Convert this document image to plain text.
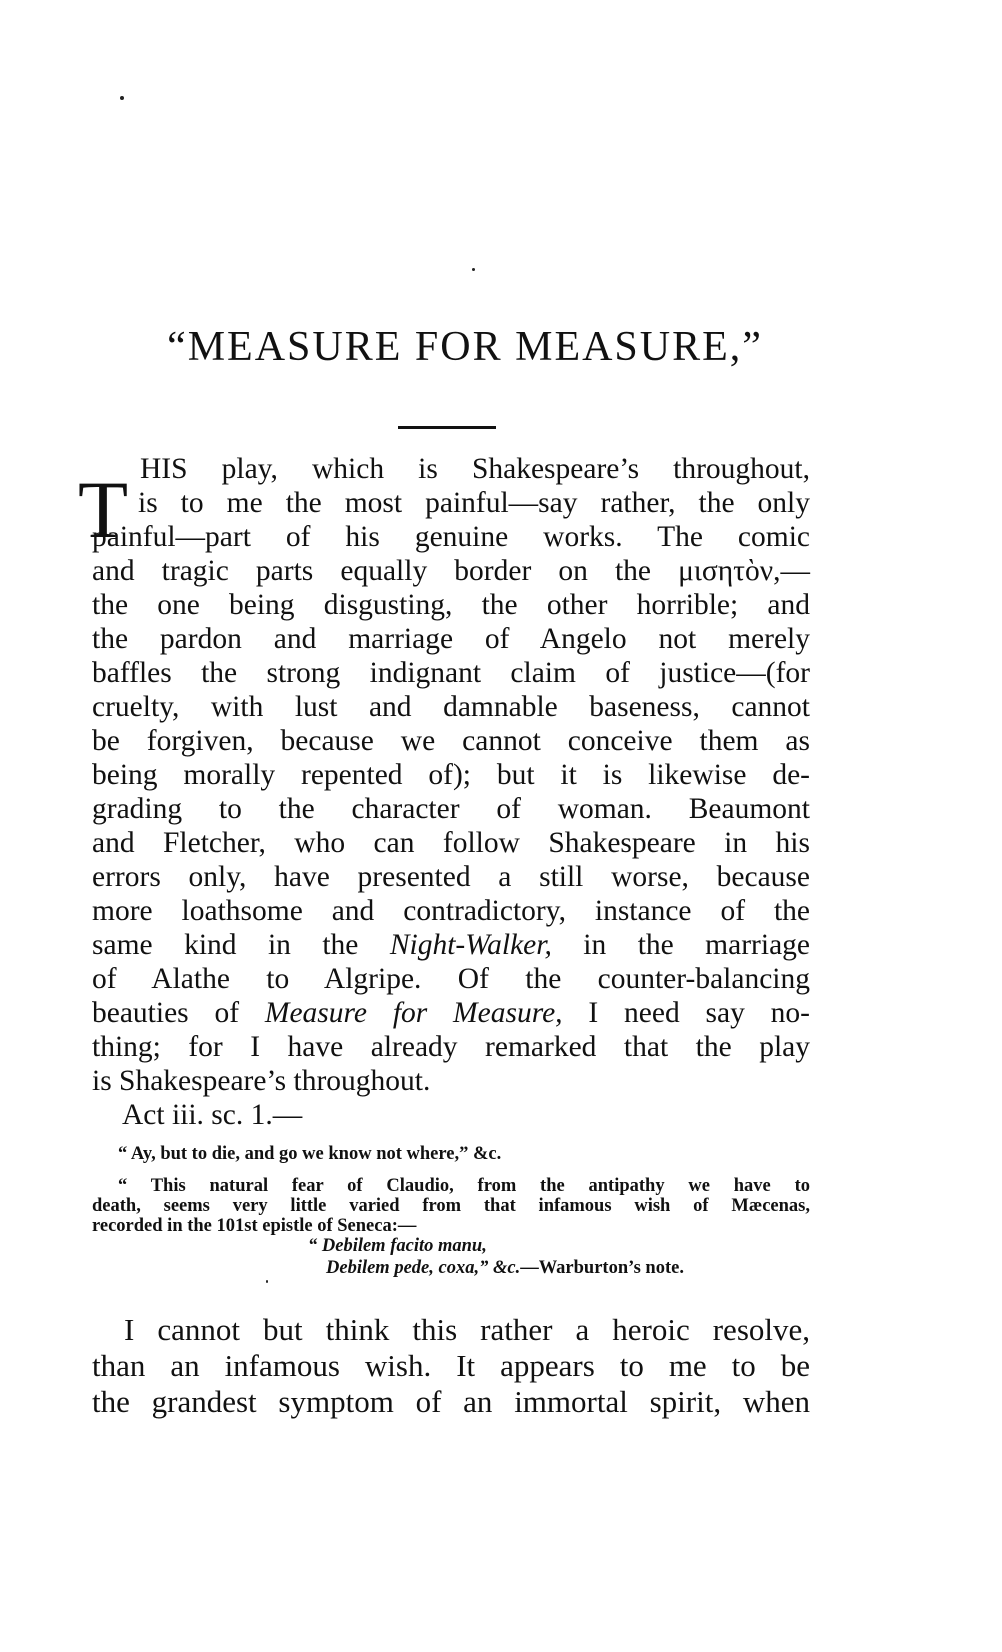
“MEASURE FOR MEASURE,”
T HIS play, which is Shakespeare’s throughout,
is to me the most painful—say rather, the only
painful—part of his genuine works. The comic
and tragic parts equally border on the μισητὸν,—
the one being disgusting, the other horrible; and
the pardon and marriage of Angelo not merely
baffles the strong indignant claim of justice—(for
cruelty, with lust and damnable baseness, cannot
be forgiven, because we cannot conceive them as
being morally repented of); but it is likewise de-
grading to the character of woman. Beaumont
and Fletcher, who can follow Shakespeare in his
errors only, have presented a still worse, because
more loathsome and contradictory, instance of the
same kind in the Night-Walker, in the marriage
of Alathe to Algripe. Of the counter-balancing
beauties of Measure for Measure, I need say no-
thing; for I have already remarked that the play
is Shakespeare’s throughout.
Act iii. sc. 1.—
“ Ay, but to die, and go we know not where,” &c.
“ This natural fear of Claudio, from the antipathy we have to
death, seems very little varied from that infamous wish of Mæcenas,
recorded in the 101st epistle of Seneca:—
“ Debilem facito manu,
Debilem pede, coxa,” &c.—Warburton’s note.
I cannot but think this rather a heroic resolve,
than an infamous wish. It appears to me to be
the grandest symptom of an immortal spirit, when
